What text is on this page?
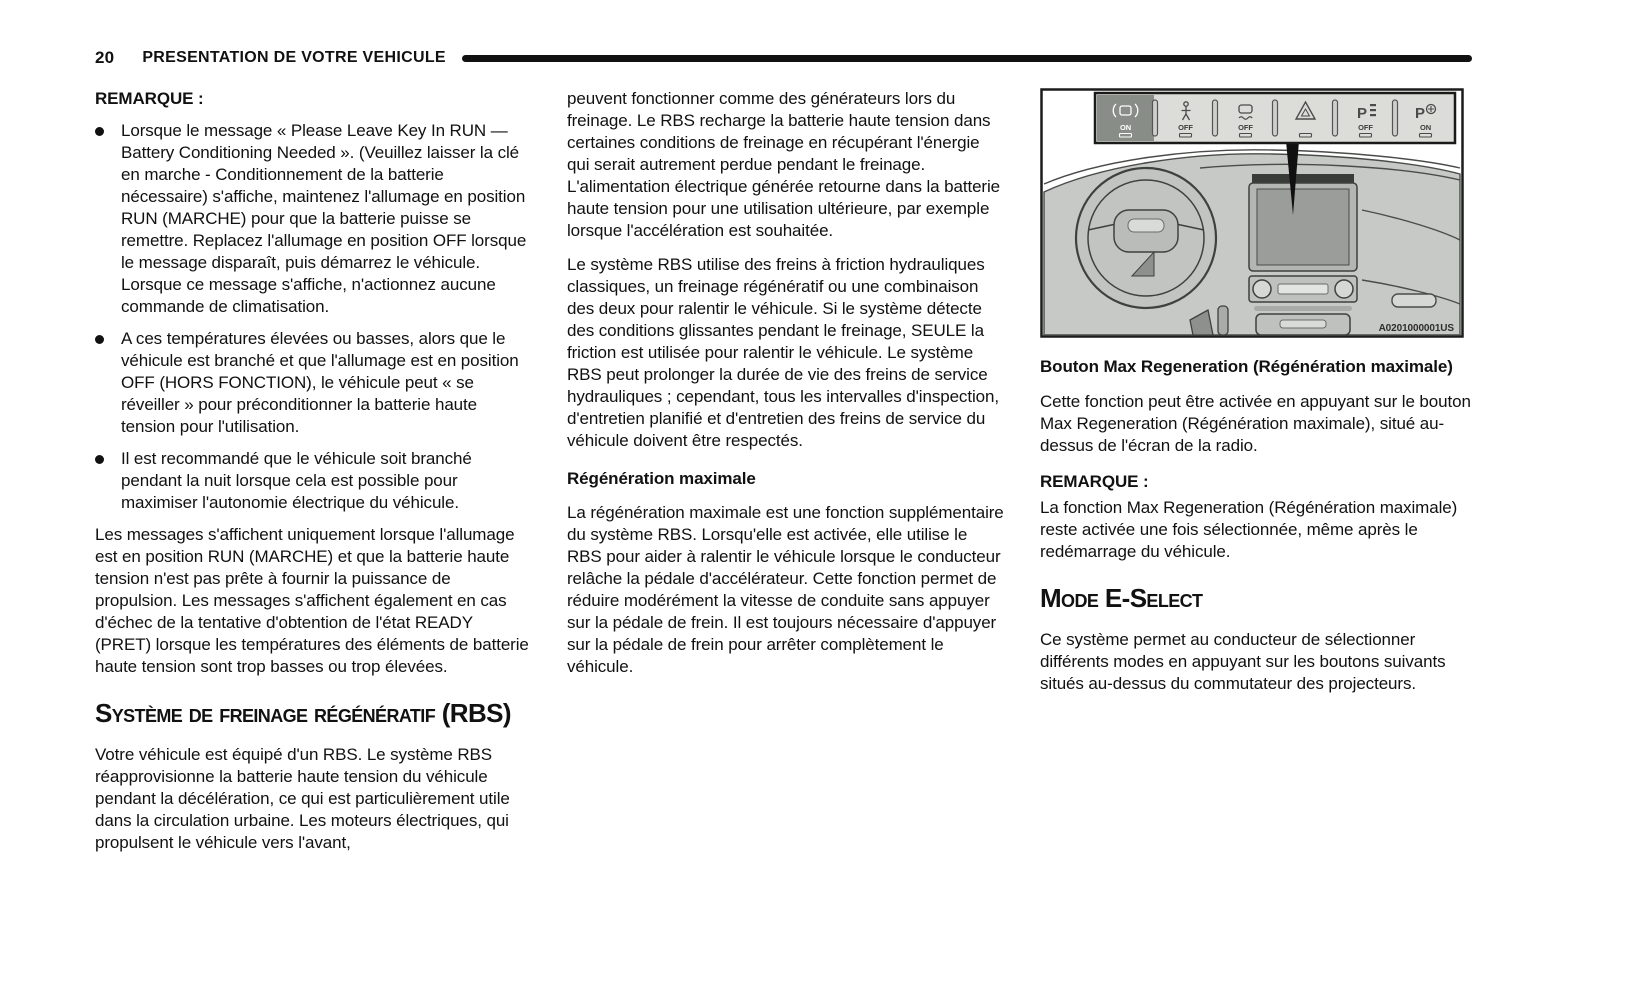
20 PRESENTATION DE VOTRE VEHICULE
REMARQUE :
Lorsque le message « Please Leave Key In RUN — Battery Conditioning Needed ». (Veuillez laisser la clé en marche - Conditionnement de la batterie nécessaire) s'affiche, maintenez l'allumage en position RUN (MARCHE) pour que la batterie puisse se remettre. Replacez l'allumage en position OFF lorsque le message disparaît, puis démarrez le véhicule. Lorsque ce message s'affiche, n'actionnez aucune commande de climatisation.
A ces températures élevées ou basses, alors que le véhicule est branché et que l'allumage est en position OFF (HORS FONCTION), le véhicule peut « se réveiller » pour préconditionner la batterie haute tension pour l'utilisation.
Il est recommandé que le véhicule soit branché pendant la nuit lorsque cela est possible pour maximiser l'autonomie électrique du véhicule.

Les messages s'affichent uniquement lorsque l'allumage est en position RUN (MARCHE) et que la batterie haute tension n'est pas prête à fournir la puissance de propulsion. Les messages s'affichent également en cas d'échec de la tentative d'obtention de l'état READY (PRET) lorsque les températures des éléments de batterie haute tension sont trop basses ou trop élevées.

Système de freinage régénératif (RBS)

Votre véhicule est équipé d'un RBS. Le système RBS réapprovisionne la batterie haute tension du véhicule pendant la décélération, ce qui est particulièrement utile dans la circulation urbaine. Les moteurs électriques, qui propulsent le véhicule vers l'avant,

peuvent fonctionner comme des générateurs lors du freinage. Le RBS recharge la batterie haute tension dans certaines conditions de freinage en récupérant l'énergie qui serait autrement perdue pendant le freinage. L'alimentation électrique générée retourne dans la batterie haute tension pour une utilisation ultérieure, par exemple lorsque l'accélération est souhaitée.

Le système RBS utilise des freins à friction hydrauliques classiques, un freinage régénératif ou une combinaison des deux pour ralentir le véhicule. Si le système détecte des conditions glissantes pendant le freinage, SEULE la friction est utilisée pour ralentir le véhicule. Le système RBS peut prolonger la durée de vie des freins de service hydrauliques ; cependant, tous les intervalles d'inspection, d'entretien planifié et d'entretien des freins de service du véhicule doivent être respectés.

Régénération maximale

La régénération maximale est une fonction supplémentaire du système RBS. Lorsqu'elle est activée, elle utilise le RBS pour aider à ralentir le véhicule lorsque le conducteur relâche la pédale d'accélérateur. Cette fonction permet de réduire modérément la vitesse de conduite sans appuyer sur la pédale de frein. Il est toujours nécessaire d'appuyer sur la pédale de frein pour arrêter complètement le véhicule.

ON	OFF	OFF
P
OFF
P
ON
A0201000001US
Bouton Max Regeneration (Régénération maximale)

Cette fonction peut être activée en appuyant sur le bouton Max Regeneration (Régénération maximale), situé au-dessus de l'écran de la radio.

REMARQUE :

La fonction Max Regeneration (Régénération maximale) reste activée une fois sélectionnée, même après le redémarrage du véhicule.

Mode E-Select

Ce système permet au conducteur de sélectionner différents modes en appuyant sur les boutons suivants situés au-dessus du commutateur des projecteurs.
